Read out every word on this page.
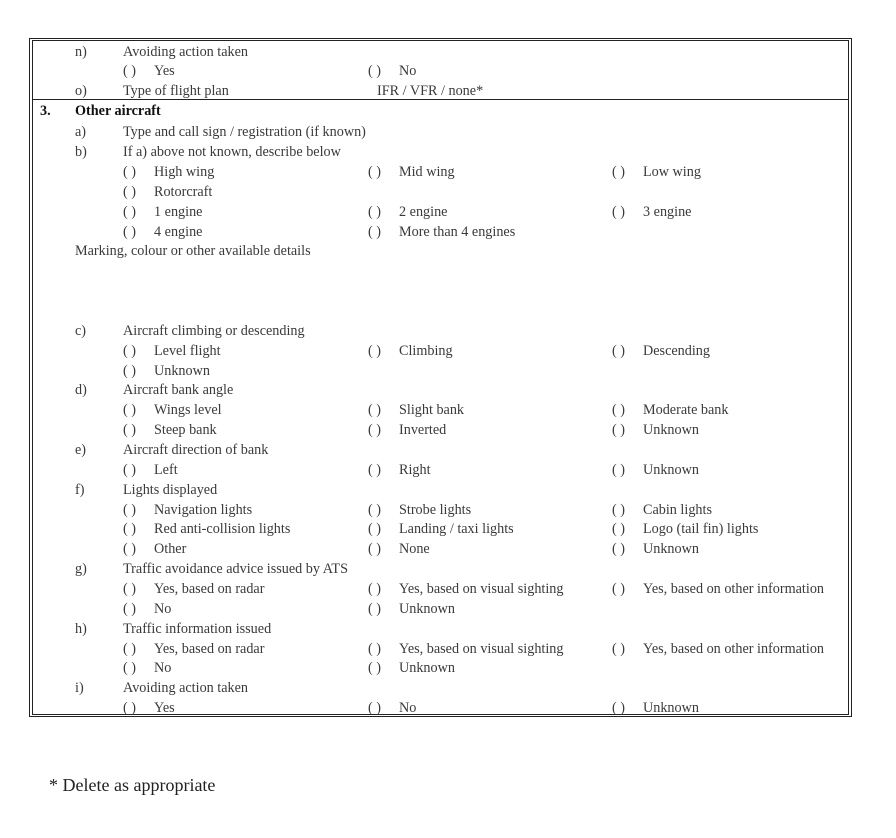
n)	Avoiding action taken
( ) Yes	( ) No
o)	Type of flight plan	IFR / VFR / none*
3. Other aircraft
a)	Type and call sign / registration (if known)
b)	If a) above not known, describe below
( ) High wing	( ) Mid wing	( ) Low wing
( ) Rotorcraft
( ) 1 engine	( ) 2 engine	( ) 3 engine
( ) 4 engine	( ) More than 4 engines
Marking, colour or other available details
c)	Aircraft climbing or descending
( ) Level flight	( ) Climbing	( ) Descending
( ) Unknown
d)	Aircraft bank angle
( ) Wings level	( ) Slight bank	( ) Moderate bank
( ) Steep bank	( ) Inverted	( ) Unknown
e)	Aircraft direction of bank
( ) Left	( ) Right	( ) Unknown
f)	Lights displayed
( ) Navigation lights	( ) Strobe lights	( ) Cabin lights
( ) Red anti-collision lights	( ) Landing / taxi lights	( ) Logo (tail fin) lights
( ) Other	( ) None	( ) Unknown
g)	Traffic avoidance advice issued by ATS
( ) Yes, based on radar	( ) Yes, based on visual sighting	( ) Yes, based on other information
( ) No	( ) Unknown
h)	Traffic information issued
( ) Yes, based on radar	( ) Yes, based on visual sighting	( ) Yes, based on other information
( ) No	( ) Unknown
i)	Avoiding action taken
( ) Yes	( ) No	( ) Unknown
* Delete as appropriate
